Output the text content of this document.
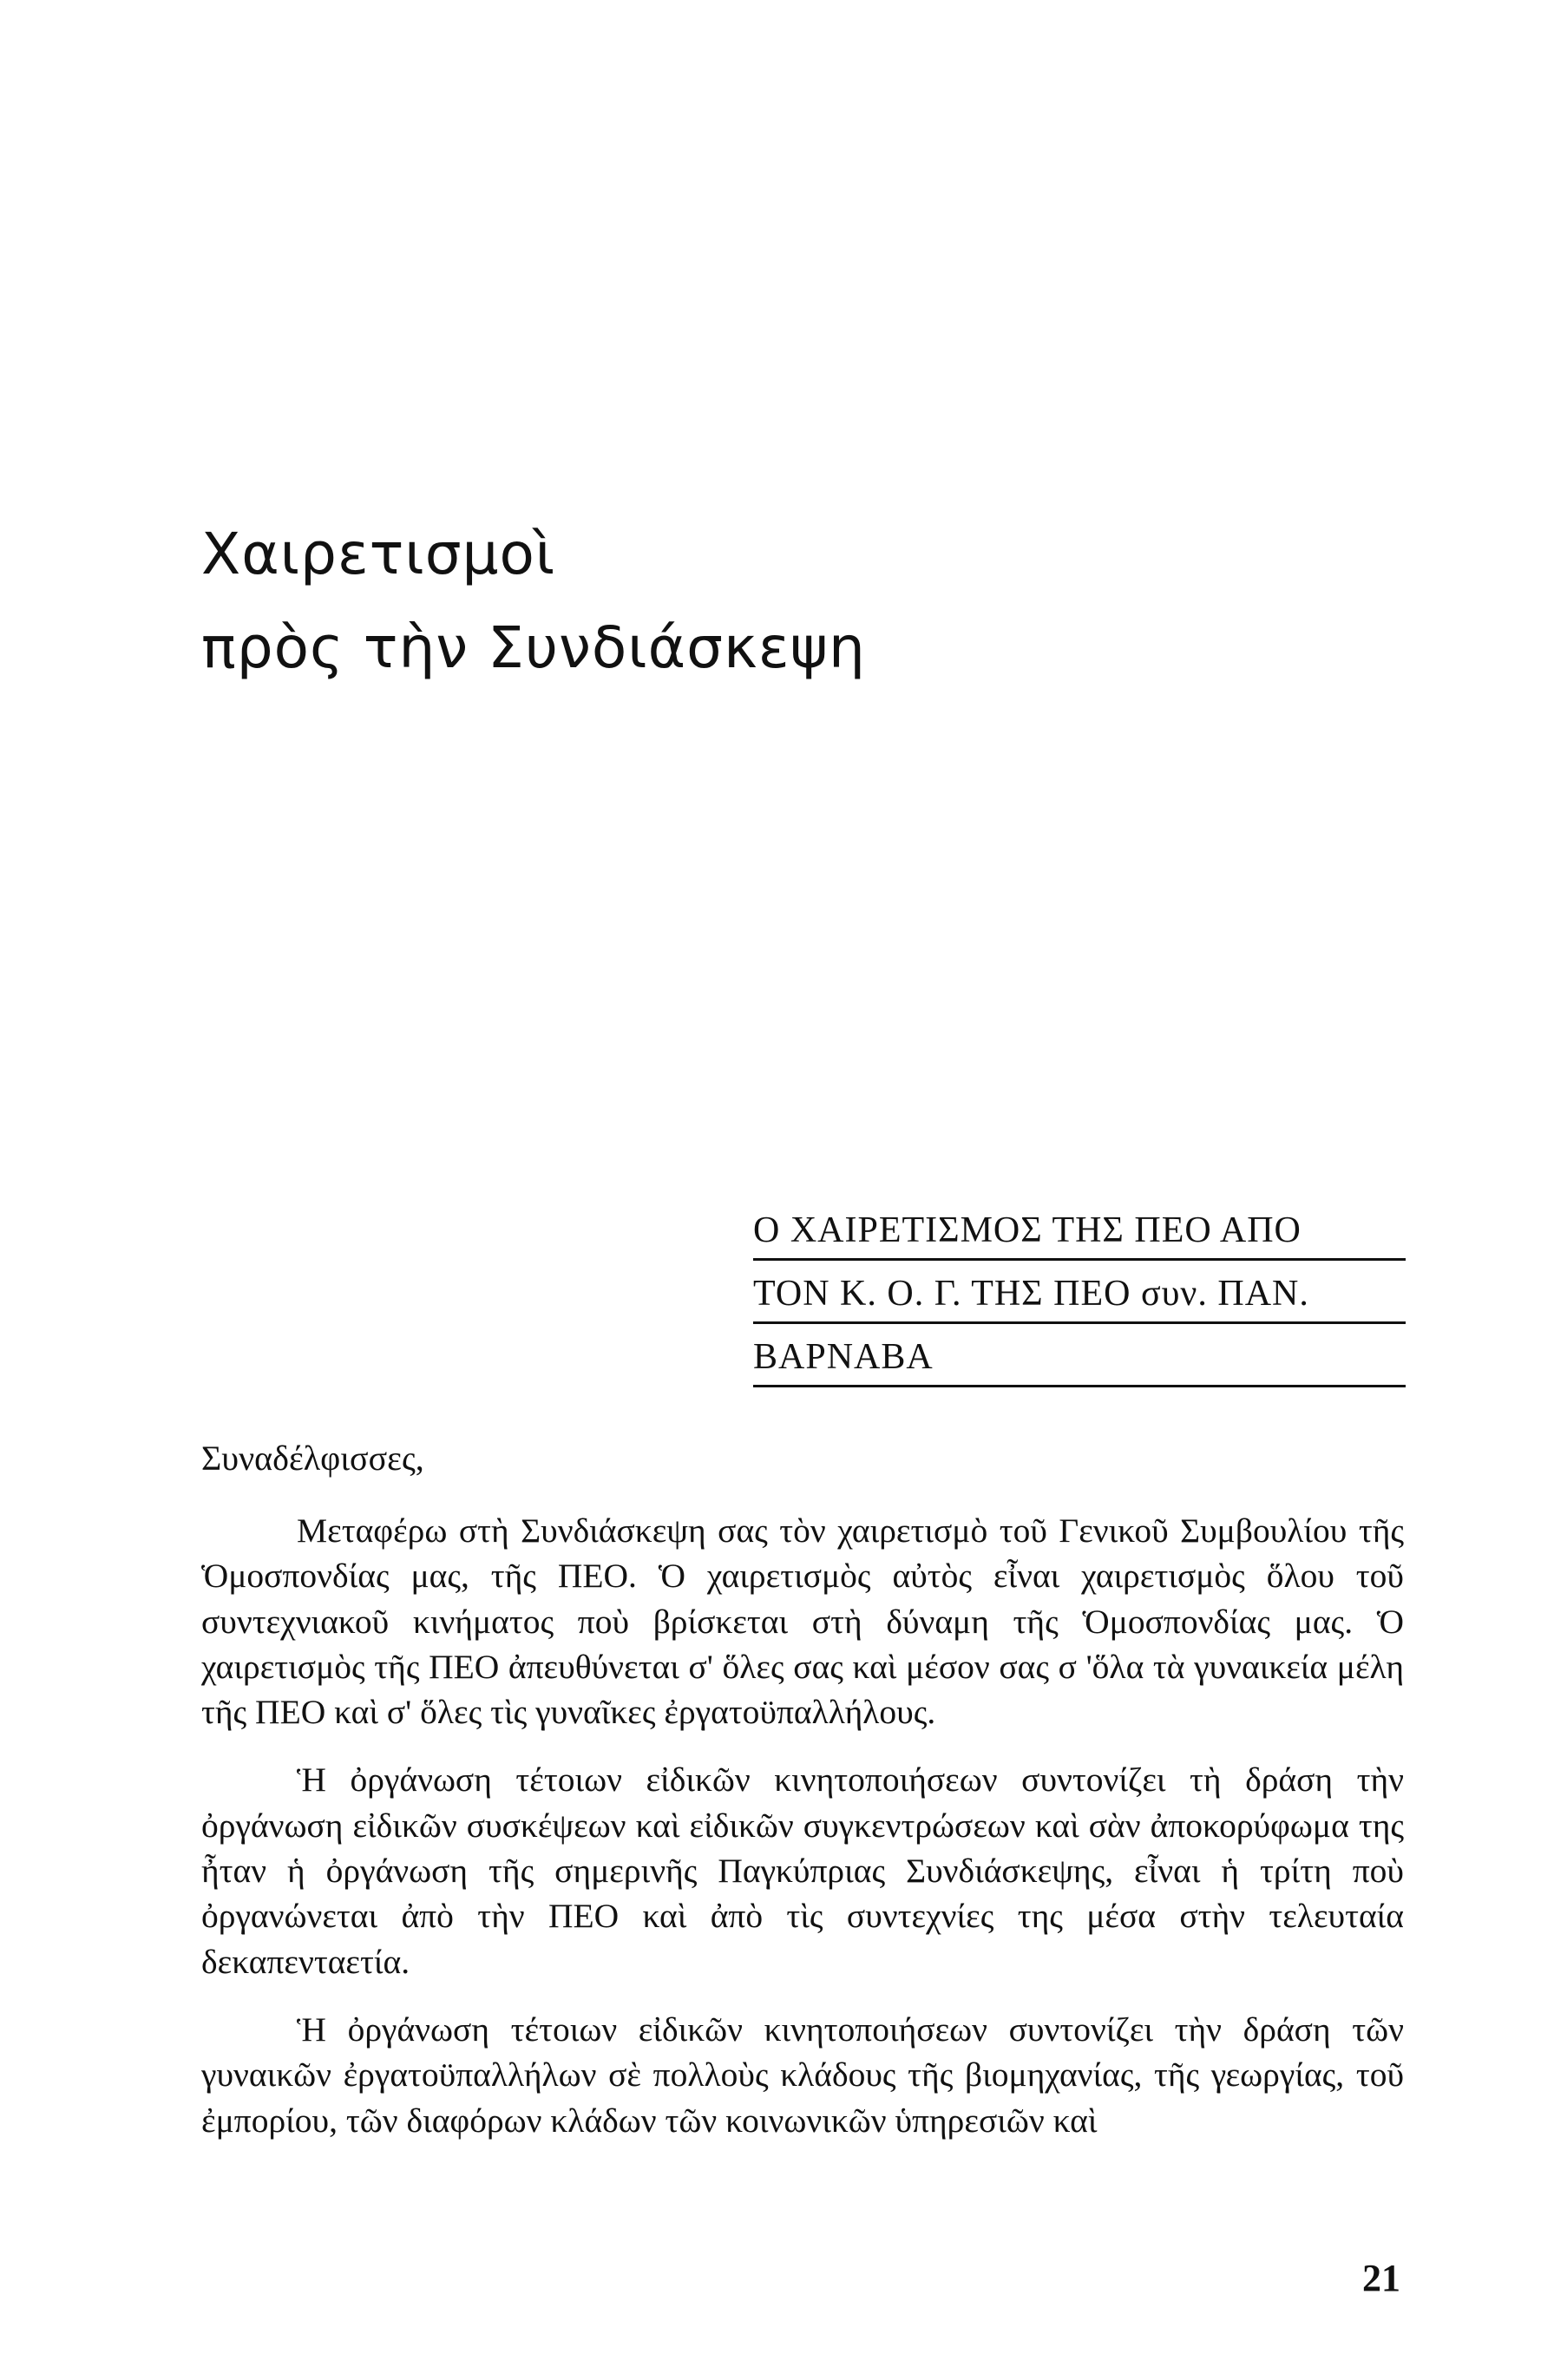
Χαιρετισμοὶ
πρὸς τὴν Συνδιάσκεψη
Ο ΧΑΙΡΕΤΙΣΜΟΣ ΤΗΣ ΠΕΟ ΑΠΟ
ΤΟΝ Κ. Ο. Γ. ΤΗΣ ΠΕΟ συν. ΠΑΝ.
ΒΑΡΝΑΒΑ
Συναδέλφισσες,

Μεταφέρω στὴ Συνδιάσκεψη σας τὸν χαιρετισμὸ τοῦ Γενικοῦ Συμβουλίου τῆς Ὁμοσπονδίας μας, τῆς ΠΕΟ. Ὁ χαιρετισμὸς αὐτὸς εἶναι χαιρετισμὸς ὅλου τοῦ συντεχνιακοῦ κινήματος ποὺ βρίσκεται στὴ δύναμη τῆς Ὁμοσπονδίας μας. Ὁ χαιρετισμὸς τῆς ΠΕΟ ἀπευθύνεται σ' ὅλες σας καὶ μέσον σας σ 'ὅλα τὰ γυναικεία μέλη τῆς ΠΕΟ καὶ σ' ὅλες τὶς γυναῖκες ἐργατοϋπαλλήλους.

Ἡ ὀργάνωση τέτοιων εἰδικῶν κινητοποιήσεων συντονίζει τὴ δράση τὴν ὀργάνωση εἰδικῶν συσκέψεων καὶ εἰδικῶν συγκεντρώσεων καὶ σὰν ἀποκορύφωμα της ἦταν ἡ ὀργάνωση τῆς σημερινῆς Παγκύπριας Συνδιάσκεψης, εἶναι ἡ τρίτη ποὺ ὀργανώνεται ἀπὸ τὴν ΠΕΟ καὶ ἀπὸ τὶς συντεχνίες της μέσα στὴν τελευταία δεκαπενταετία.

Ἡ ὀργάνωση τέτοιων εἰδικῶν κινητοποιήσεων συντονίζει τὴν δράση τῶν γυναικῶν ἐργατοϋπαλλήλων σὲ πολλοὺς κλάδους τῆς βιομηχανίας, τῆς γεωργίας, τοῦ ἐμπορίου, τῶν διαφόρων κλάδων τῶν κοινωνικῶν ὑπηρεσιῶν καὶ

21
